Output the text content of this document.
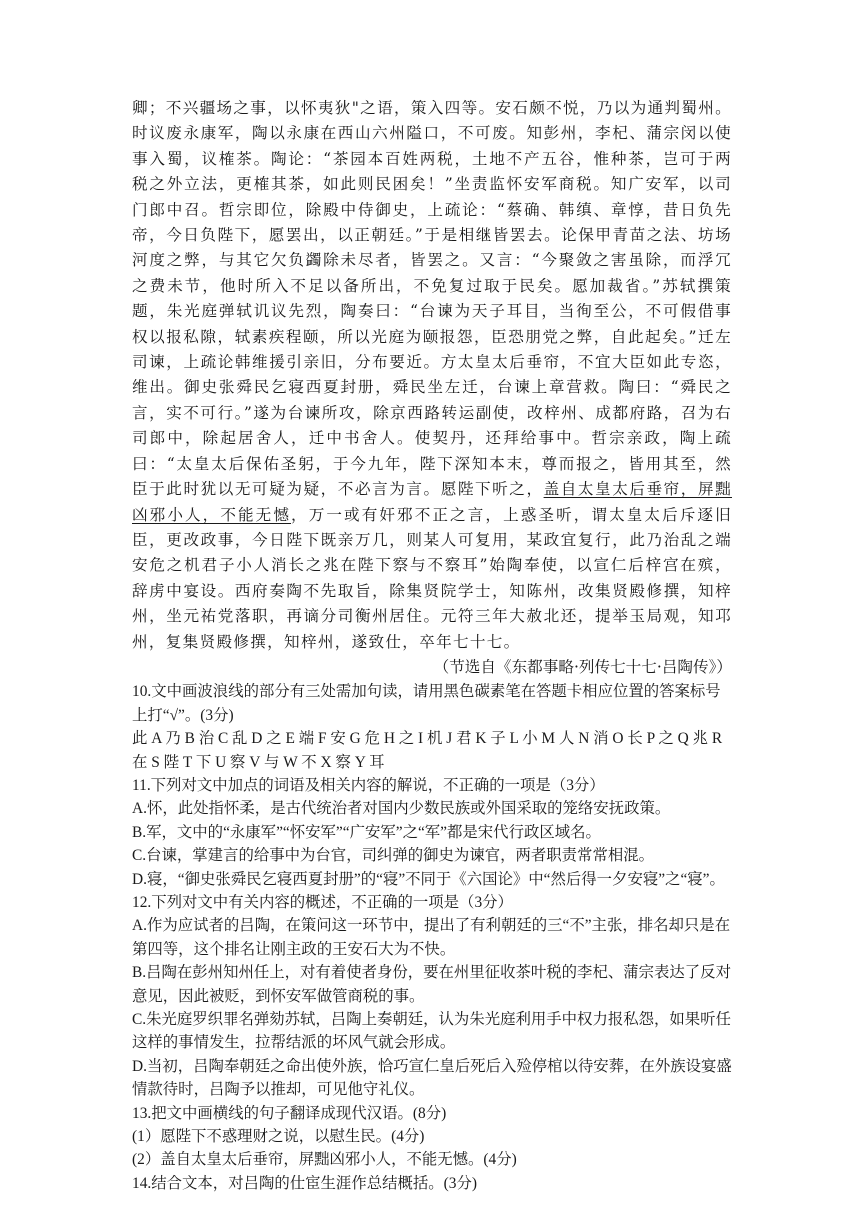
卿；不兴疆场之事，以怀夷狄"之语，策入四等。安石颇不悦，乃以为通判蜀州。时议废永康军，陶以永康在西山六州隘口，不可废。知彭州，李杞、蒲宗闵以使事入蜀，议榷茶。陶论：“茶园本百姓两税，土地不产五谷，惟种茶，岂可于两税之外立法，更榷其茶，如此则民困矣！”坐责监怀安军商税。知广安军，以司门郎中召。哲宗即位，除殿中侍御史，上疏论：“蔡确、韩缜、章惇，昔日负先帝，今日负陛下，愿罢出，以正朝廷。”于是相继皆罢去。论保甲青苗之法、坊场河度之弊，与其它欠负蠲除未尽者，皆罢之。又言：“今聚敛之害虽除，而浮冗之费未节，他时所入不足以备所出，不免复过取于民矣。愿加裁省。”苏轼撰策题，朱光庭弹轼讥议先烈，陶奏曰：“台谏为天子耳目，当徇至公，不可假借事权以报私隙，轼素疾程颐，所以光庭为颐报怨，臣恐朋党之弊，自此起矣。”迁左司谏，上疏论韩维援引亲旧，分布要近。方太皇太后垂帘，不宜大臣如此专恣，维出。御史张舜民乞寝西夏封册，舜民坐左迁，台谏上章营救。陶曰：“舜民之言，实不可行。”遂为台谏所攻，除京西路转运副使，改梓州、成都府路，召为右司郎中，除起居舍人，迁中书舍人。使契丹，还拜给事中。哲宗亲政，陶上疏曰：“太皇太后保佑圣躬，于今九年，陛下深知本末，尊而报之，皆用其至，然臣于此时犹以无可疑为疑，不必言为言。愿陛下听之，盖自太皇太后垂帘，屏黜凶邪小人，不能无憾，万一或有奸邪不正之言，上惑圣听，谓太皇太后斥逐旧臣，更改政事，今日陛下既亲万几，则某人可复用，某政宜复行，此乃治乱之端安危之机君子小人消长之兆在陛下察与不察耳”始陶奉使，以宣仁后梓宫在殡，辞虏中宴设。西府奏陶不先取旨，除集贤院学士，知陈州，改集贤殿修撰，知梓州，坐元祐党落职，再谪分司衡州居住。元符三年大赦北还，提举玉局观，知邛州，复集贤殿修撰，知梓州，遂致仕，卒年七十七。

（节选自《东都事略·列传七十七·吕陶传》）

10.文中画波浪线的部分有三处需加句读，请用黑色碳素笔在答题卡相应位置的答案标号上打“√”。(3分)

此 A 乃 B 治 C 乱 D 之 E 端 F 安 G 危 H 之 I 机 J 君 K 子 L 小 M 人 N 消 O 长 P 之 Q 兆 R 在 S 陛 T 下 U 察 V 与 W 不 X 察 Y 耳

11.下列对文中加点的词语及相关内容的解说，不正确的一项是（3分）

A.怀，此处指怀柔，是古代统治者对国内少数民族或外国采取的笼络安抚政策。

B.军，文中的“永康军”“怀安军”“广安军”之“军”都是宋代行政区域名。

C.台谏，掌建言的给事中为台官，司纠弹的御史为谏官，两者职责常常相混。

D.寝，“御史张舜民乞寝西夏封册”的“寝”不同于《六国论》中“然后得一夕安寝”之“寝”。

12.下列对文中有关内容的概述，不正确的一项是（3分）

A.作为应试者的吕陶，在策问这一环节中，提出了有利朝廷的三“不”主张，排名却只是在第四等，这个排名让刚主政的王安石大为不快。

B.吕陶在彭州知州任上，对有着使者身份，要在州里征收茶叶税的李杞、蒲宗表达了反对意见，因此被贬，到怀安军做管商税的事。

C.朱光庭罗织罪名弹劾苏轼，吕陶上奏朝廷，认为朱光庭利用手中权力报私怨，如果听任这样的事情发生，拉帮结派的坏风气就会形成。

D.当初，吕陶奉朝廷之命出使外族，恰巧宣仁皇后死后入殓停棺以待安葬，在外族设宴盛情款待时，吕陶予以推却，可见他守礼仪。

13.把文中画横线的句子翻译成现代汉语。(8分)

(1）愿陛下不惑理财之说，以慰生民。(4分)

(2）盖自太皇太后垂帘，屏黜凶邪小人，不能无憾。(4分)

14.结合文本，对吕陶的仕宦生涯作总结概括。(3分)
